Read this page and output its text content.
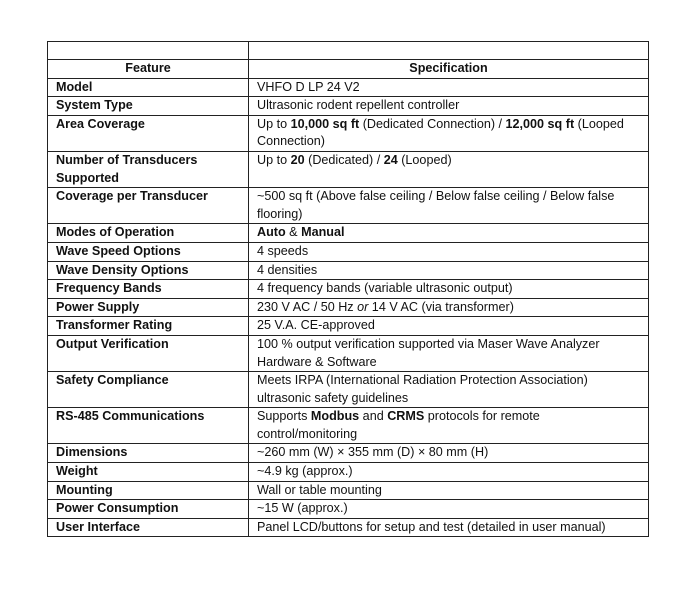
Feature	Specification
Model	VHFO D LP 24 V2
System Type	Ultrasonic rodent repellent controller
Area Coverage	Up to 10,000 sq ft (Dedicated Connection) / 12,000 sq ft (Looped Connection)
Number of Transducers Supported	Up to 20 (Dedicated) / 24 (Looped)
Coverage per Transducer	~500 sq ft (Above false ceiling / Below false ceiling / Below false flooring)
Modes of Operation	Auto & Manual
Wave Speed Options	4 speeds
Wave Density Options	4 densities
Frequency Bands	4 frequency bands (variable ultrasonic output)
Power Supply	230 V AC / 50 Hz or 14 V AC (via transformer)
Transformer Rating	25 V.A. CE-approved
Output Verification	100 % output verification supported via Maser Wave Analyzer Hardware & Software
Safety Compliance	Meets IRPA (International Radiation Protection Association) ultrasonic safety guidelines
RS-485 Communications	Supports Modbus and CRMS protocols for remote control/monitoring
Dimensions	~260 mm (W) × 355 mm (D) × 80 mm (H)
Weight	~4.9 kg (approx.)
Mounting	Wall or table mounting
Power Consumption	~15 W (approx.)
User Interface	Panel LCD/buttons for setup and test (detailed in user manual)
